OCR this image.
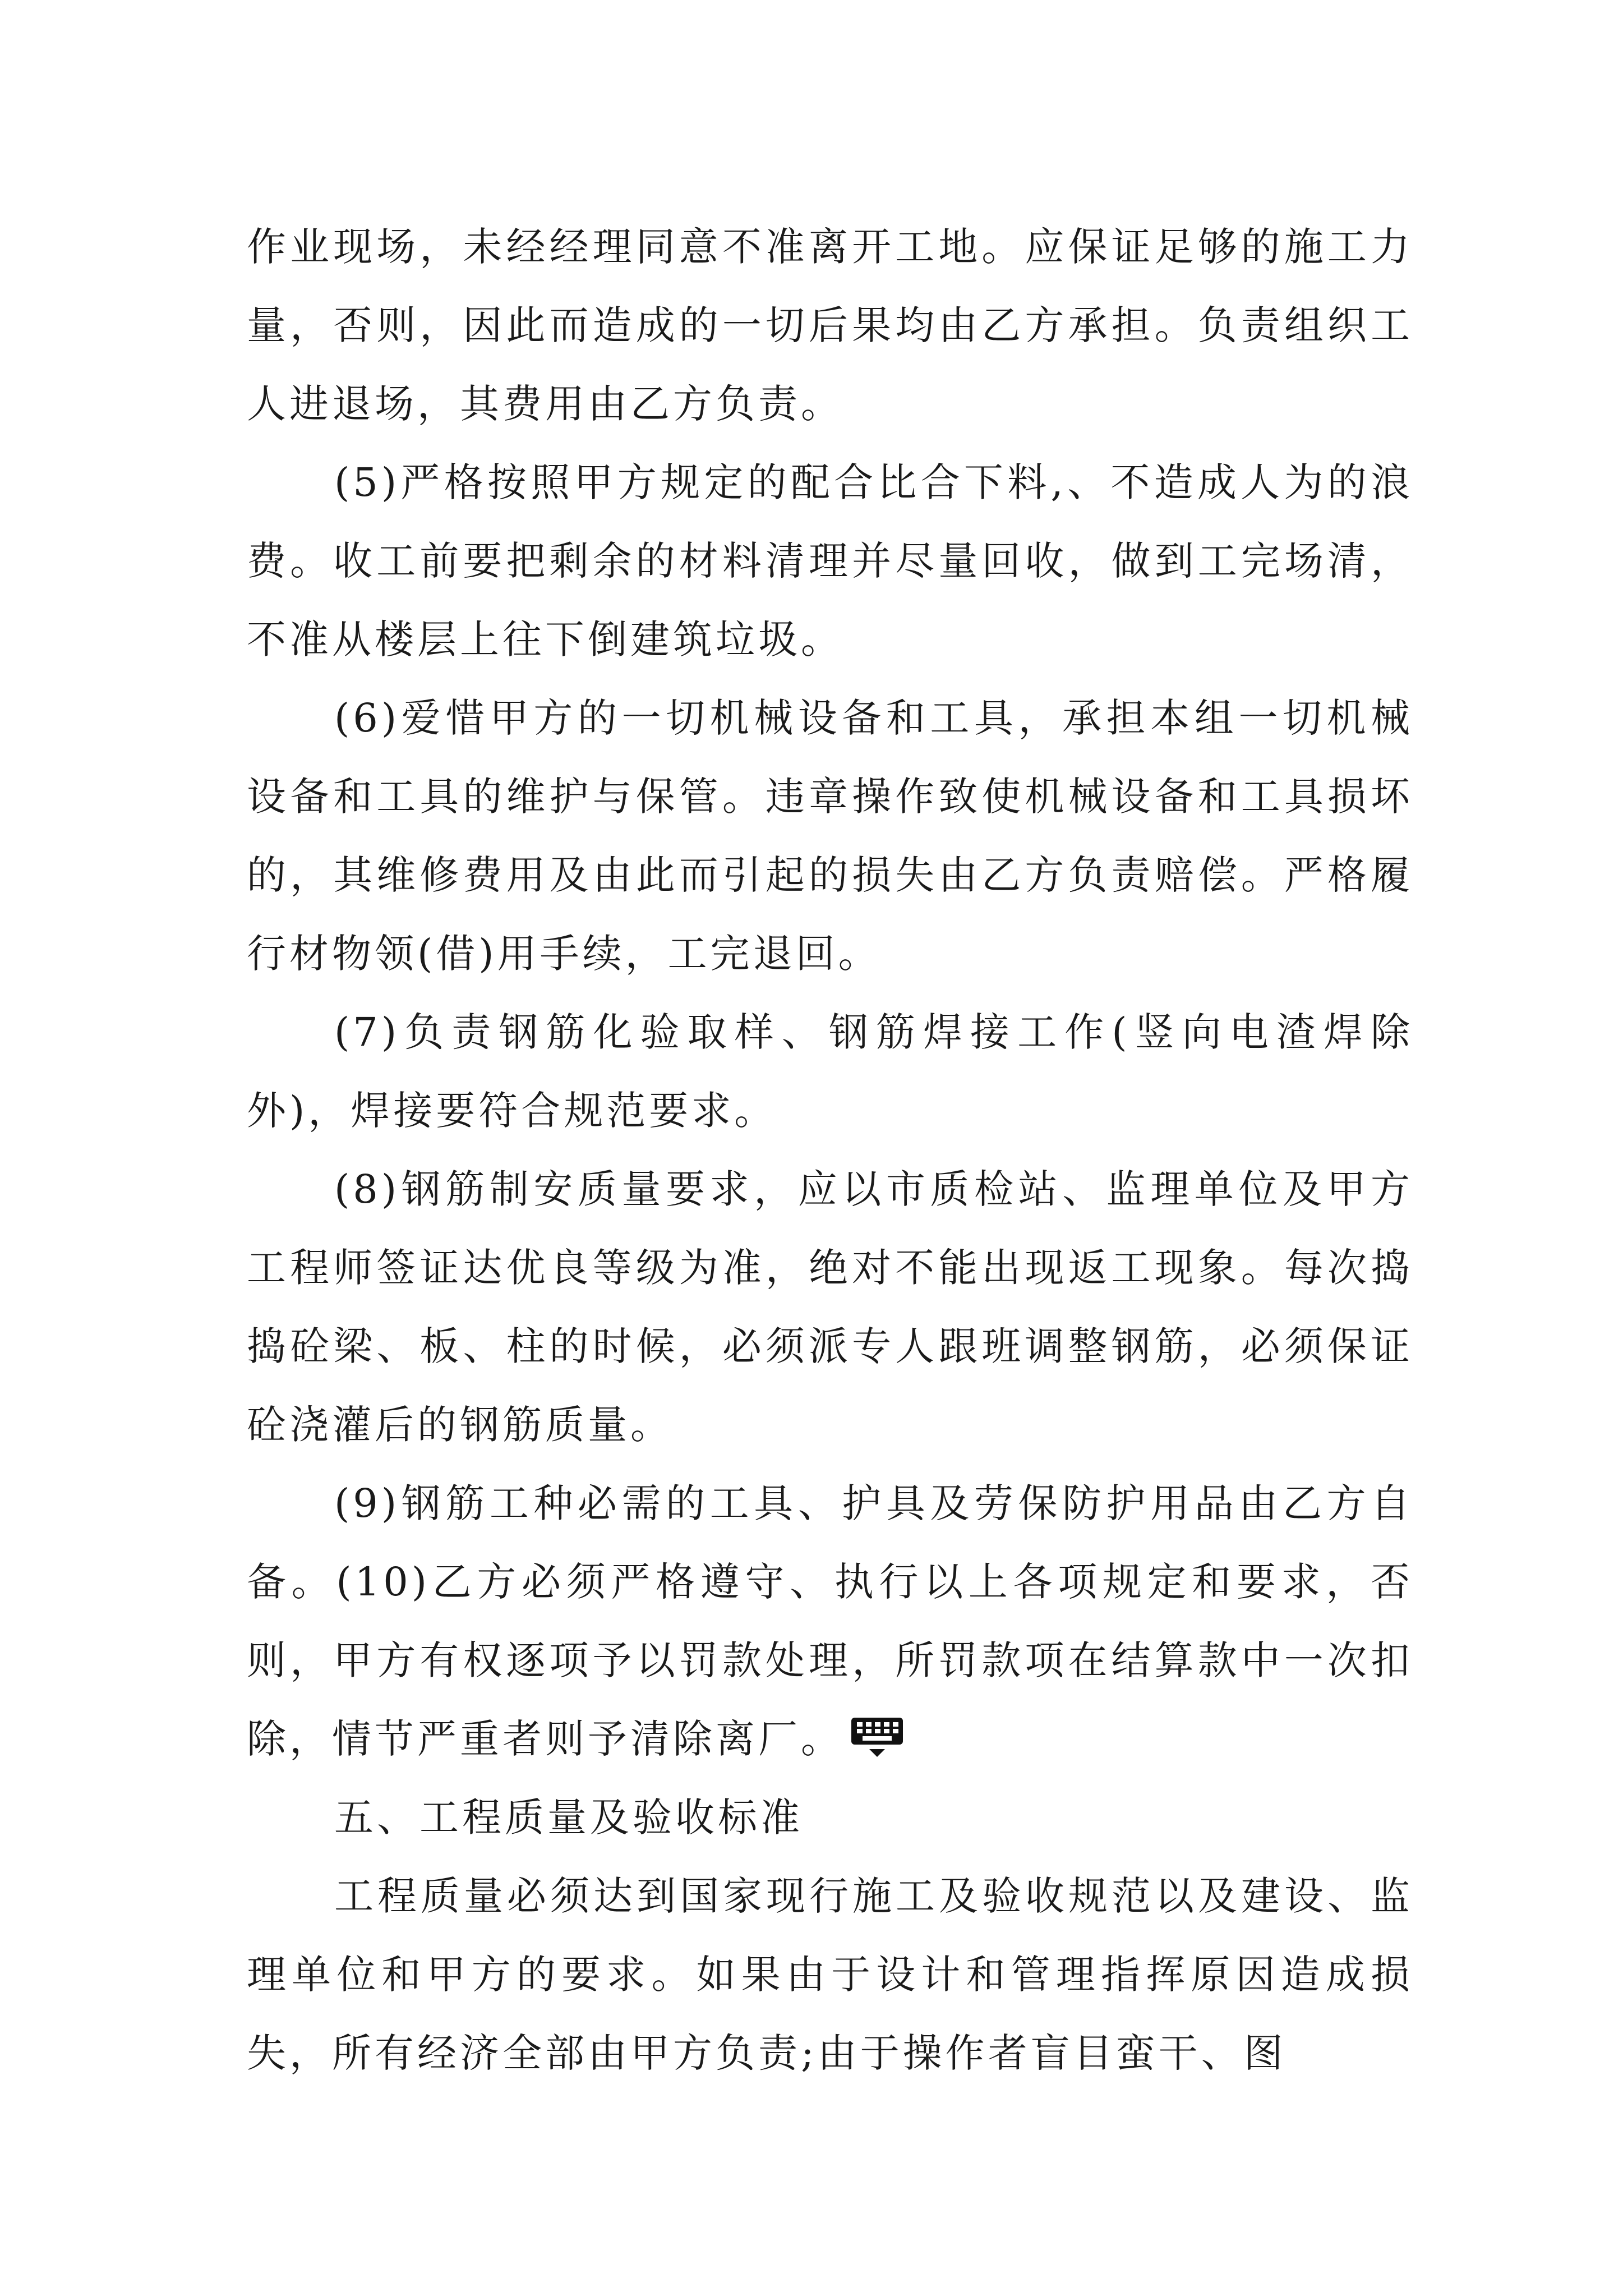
作业现场，未经经理同意不准离开工地。应保证足够的施工力量，否则，因此而造成的一切后果均由乙方承担。负责组织工人进退场，其费用由乙方负责。

(5)严格按照甲方规定的配合比合下料,、不造成人为的浪费。收工前要把剩余的材料清理并尽量回收，做到工完场清，不准从楼层上往下倒建筑垃圾。

(6)爱惜甲方的一切机械设备和工具，承担本组一切机械设备和工具的维护与保管。违章操作致使机械设备和工具损坏的，其维修费用及由此而引起的损失由乙方负责赔偿。严格履行材物领(借)用手续，工完退回。

(7)负责钢筋化验取样、钢筋焊接工作(竖向电渣焊除外)，焊接要符合规范要求。

(8)钢筋制安质量要求，应以市质检站、监理单位及甲方工程师签证达优良等级为准，绝对不能出现返工现象。每次捣捣砼梁、板、柱的时候，必须派专人跟班调整钢筋，必须保证砼浇灌后的钢筋质量。

(9)钢筋工种必需的工具、护具及劳保防护用品由乙方自备。(10)乙方必须严格遵守、执行以上各项规定和要求，否则，甲方有权逐项予以罚款处理，所罚款项在结算款中一次扣除，情节严重者则予清除离厂。

五、工程质量及验收标准

工程质量必须达到国家现行施工及验收规范以及建设、监理单位和甲方的要求。如果由于设计和管理指挥原因造成损失，所有经济全部由甲方负责;由于操作者盲目蛮干、图
